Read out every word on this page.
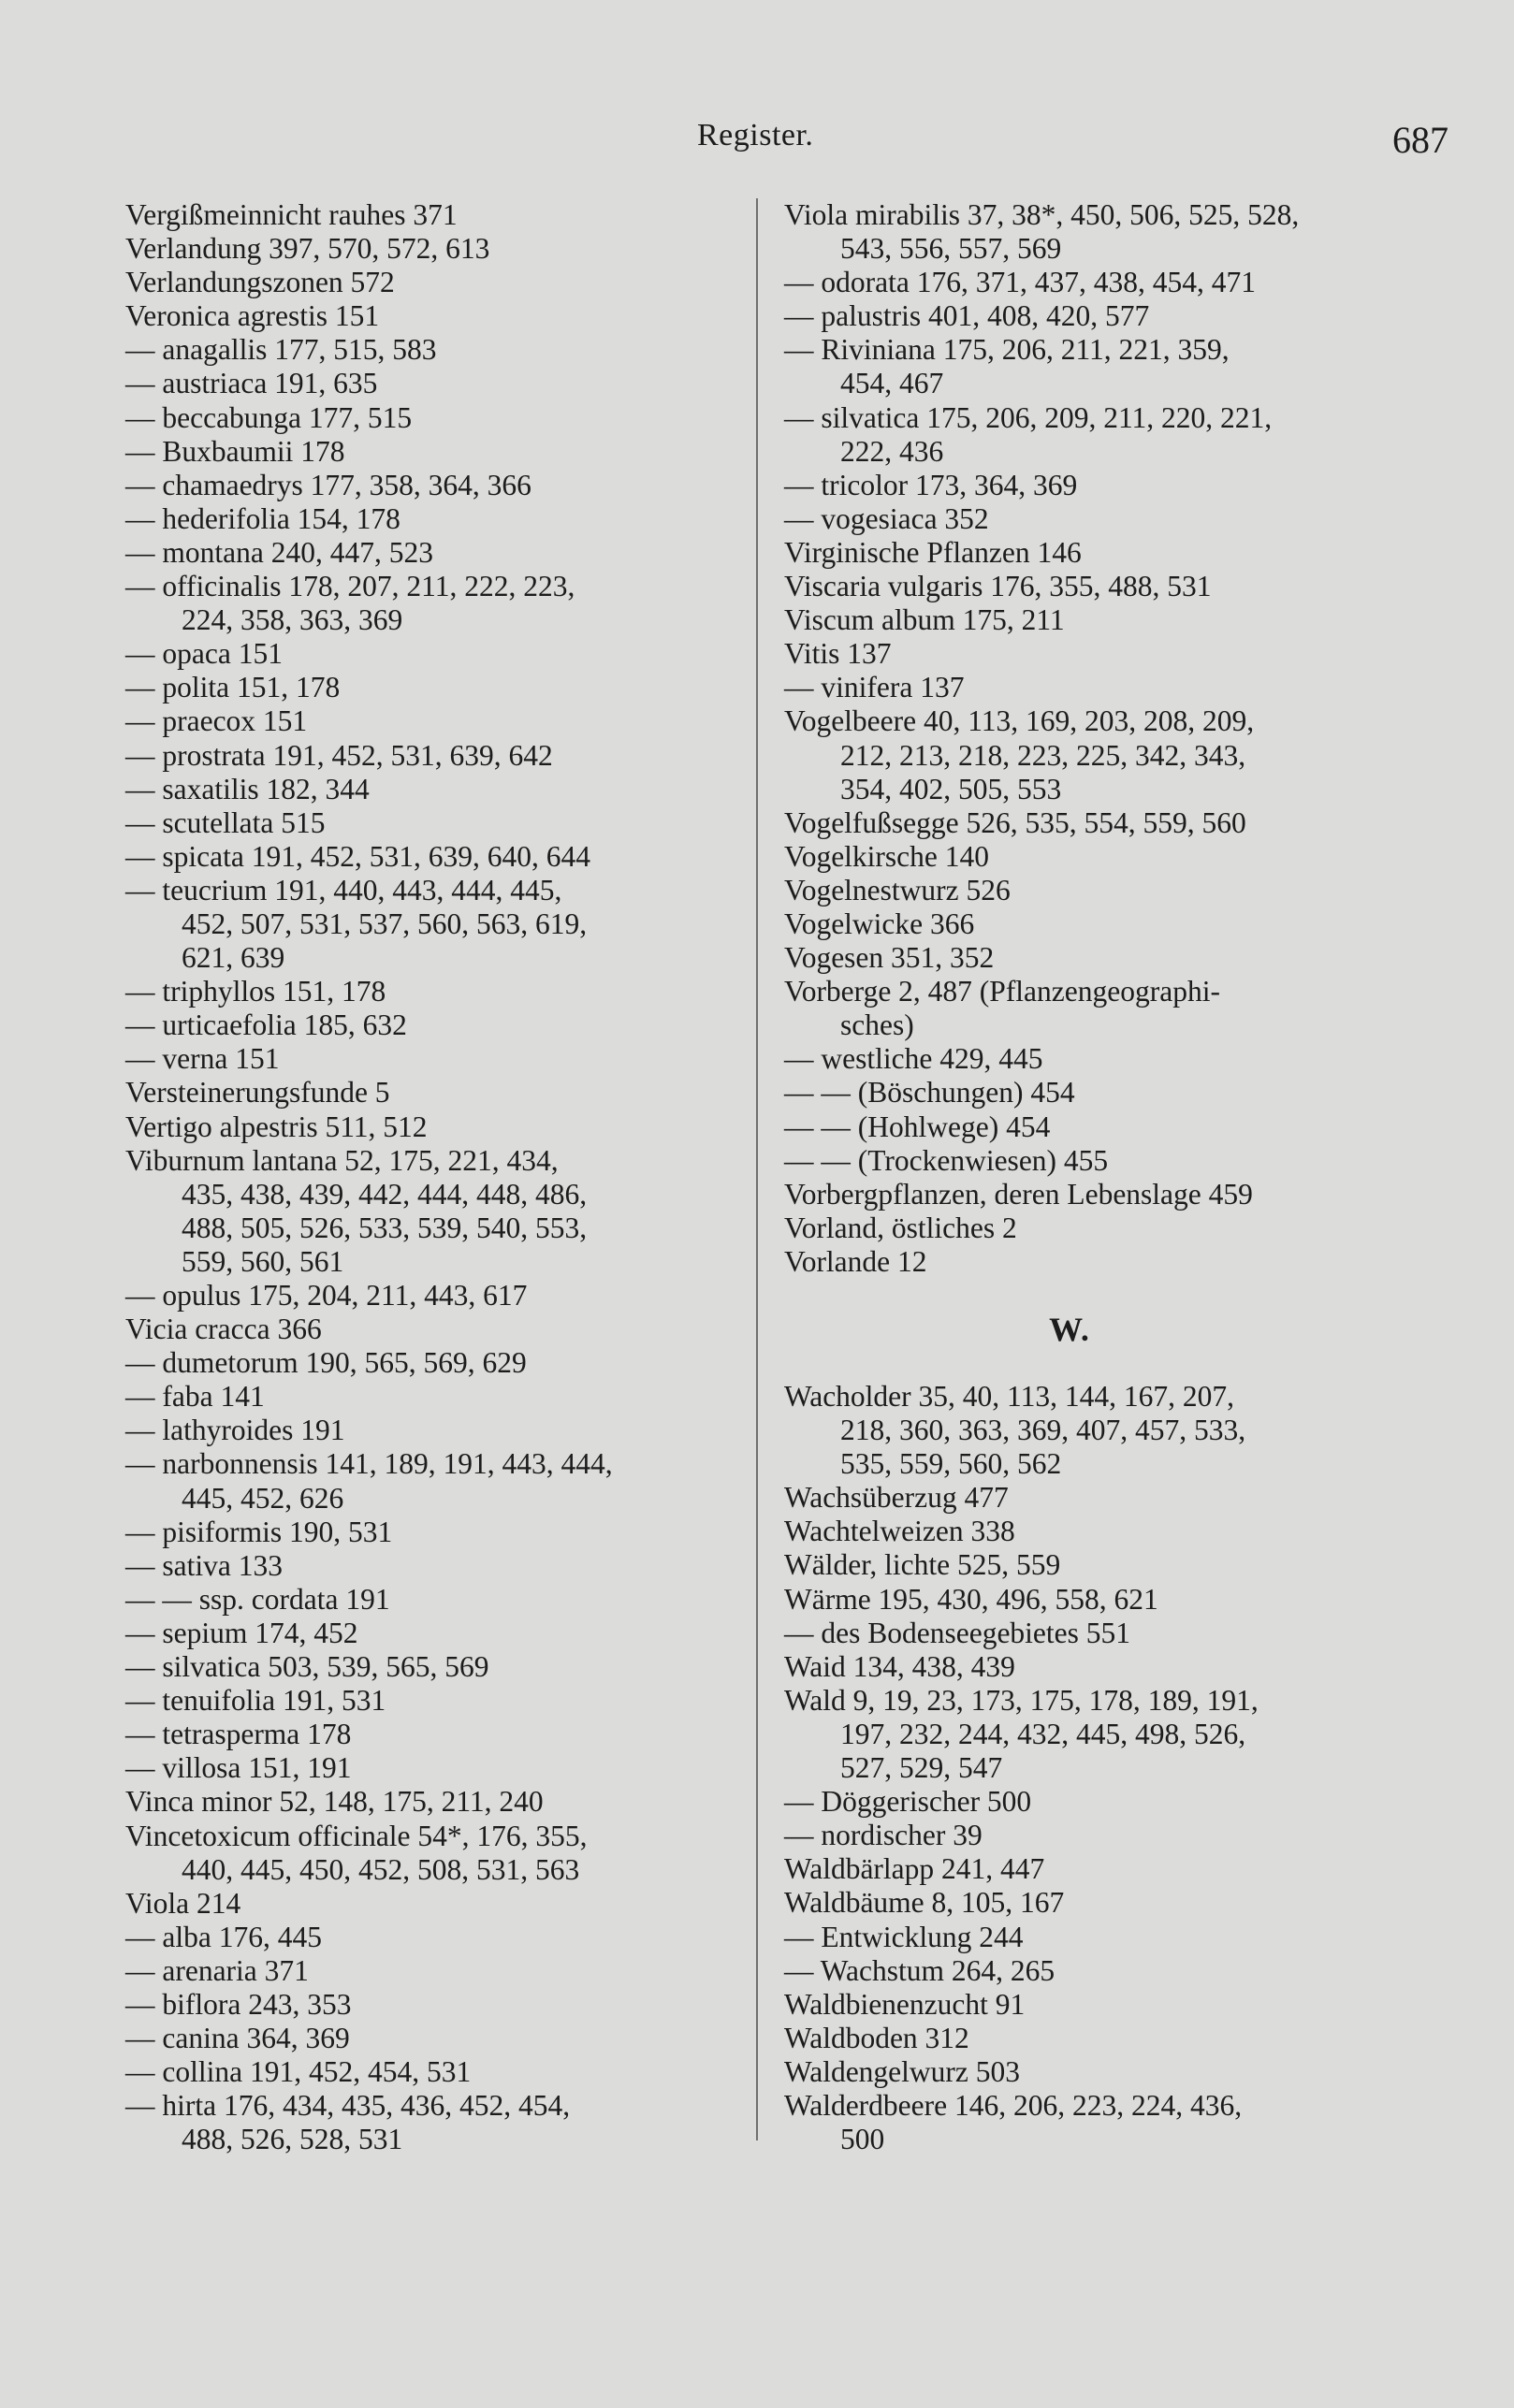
Register.	687
Vergißmeinnicht rauhes 371
Verlandung 397, 570, 572, 613
Verlandungszonen 572
Veronica agrestis 151
— anagallis 177, 515, 583
— austriaca 191, 635
— beccabunga 177, 515
— Buxbaumii 178
— chamaedrys 177, 358, 364, 366
— hederifolia 154, 178
— montana 240, 447, 523
— officinalis 178, 207, 211, 222, 223,
224, 358, 363, 369
— opaca 151
— polita 151, 178
— praecox 151
— prostrata 191, 452, 531, 639, 642
— saxatilis 182, 344
— scutellata 515
— spicata 191, 452, 531, 639, 640, 644
— teucrium 191, 440, 443, 444, 445,
452, 507, 531, 537, 560, 563, 619,
621, 639
— triphyllos 151, 178
— urticaefolia 185, 632
— verna 151
Versteinerungsfunde 5
Vertigo alpestris 511, 512
Viburnum lantana 52, 175, 221, 434,
435, 438, 439, 442, 444, 448, 486,
488, 505, 526, 533, 539, 540, 553,
559, 560, 561
— opulus 175, 204, 211, 443, 617
Vicia cracca 366
— dumetorum 190, 565, 569, 629
— faba 141
— lathyroides 191
— narbonnensis 141, 189, 191, 443, 444,
445, 452, 626
— pisiformis 190, 531
— sativa 133
— — ssp. cordata 191
— sepium 174, 452
— silvatica 503, 539, 565, 569
— tenuifolia 191, 531
— tetrasperma 178
— villosa 151, 191
Vinca minor 52, 148, 175, 211, 240
Vincetoxicum officinale 54*, 176, 355,
440, 445, 450, 452, 508, 531, 563
Viola 214
— alba 176, 445
— arenaria 371
— biflora 243, 353
— canina 364, 369
— collina 191, 452, 454, 531
— hirta 176, 434, 435, 436, 452, 454,
488, 526, 528, 531
Viola mirabilis 37, 38*, 450, 506, 525, 528,
543, 556, 557, 569
— odorata 176, 371, 437, 438, 454, 471
— palustris 401, 408, 420, 577
— Riviniana 175, 206, 211, 221, 359,
454, 467
— silvatica 175, 206, 209, 211, 220, 221,
222, 436
— tricolor 173, 364, 369
— vogesiaca 352
Virginische Pflanzen 146
Viscaria vulgaris 176, 355, 488, 531
Viscum album 175, 211
Vitis 137
— vinifera 137
Vogelbeere 40, 113, 169, 203, 208, 209,
212, 213, 218, 223, 225, 342, 343,
354, 402, 505, 553
Vogelfußsegge 526, 535, 554, 559, 560
Vogelkirsche 140
Vogelnestwurz 526
Vogelwicke 366
Vogesen 351, 352
Vorberge 2, 487 (Pflanzengeographi-
sches)
— westliche 429, 445
— — (Böschungen) 454
— — (Hohlwege) 454
— — (Trockenwiesen) 455
Vorbergpflanzen, deren Lebenslage 459
Vorland, östliches 2
Vorlande 12
W.
Wacholder 35, 40, 113, 144, 167, 207,
218, 360, 363, 369, 407, 457, 533,
535, 559, 560, 562
Wachsüberzug 477
Wachtelweizen 338
Wälder, lichte 525, 559
Wärme 195, 430, 496, 558, 621
— des Bodenseegebietes 551
Waid 134, 438, 439
Wald 9, 19, 23, 173, 175, 178, 189, 191,
197, 232, 244, 432, 445, 498, 526,
527, 529, 547
— Döggerischer 500
— nordischer 39
Waldbärlapp 241, 447
Waldbäume 8, 105, 167
— Entwicklung 244
— Wachstum 264, 265
Waldbienenzucht 91
Waldboden 312
Waldengelwurz 503
Walderdbeere 146, 206, 223, 224, 436,
500
